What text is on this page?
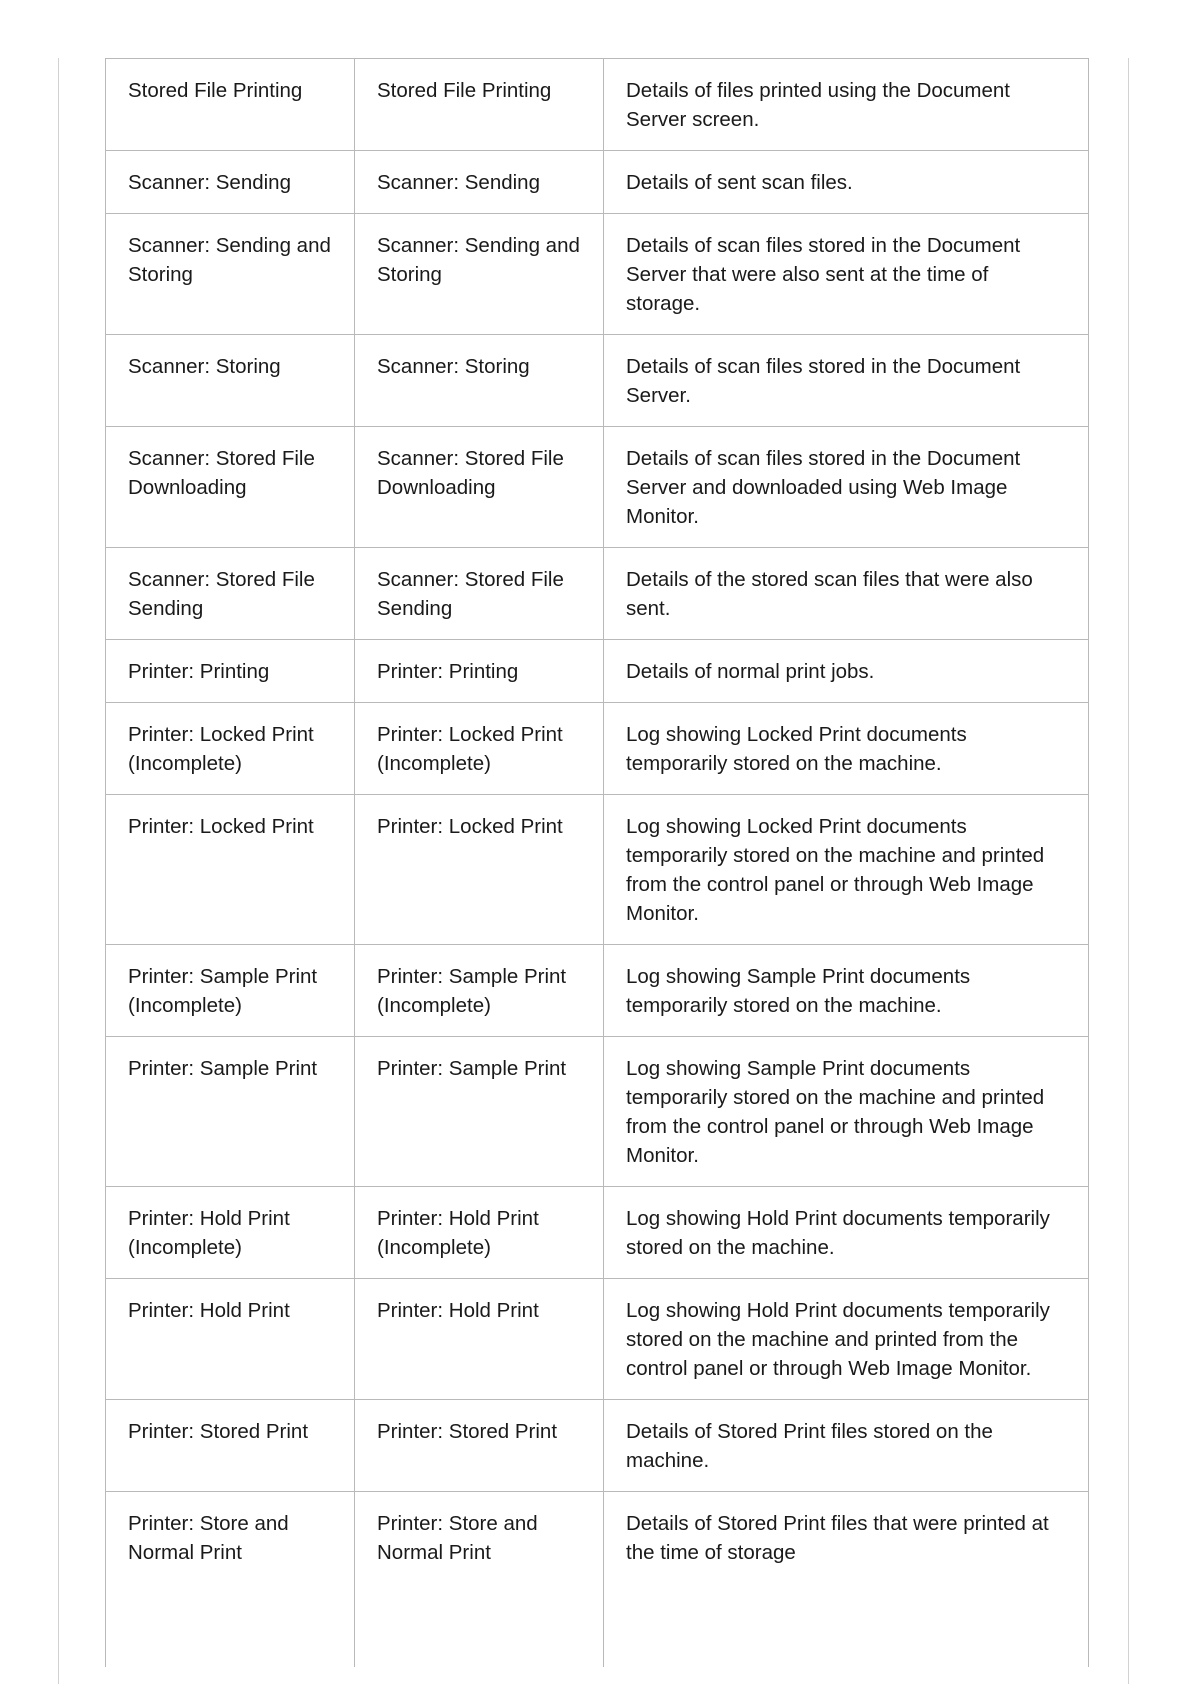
Stored File Printing	Stored File Printing	Details of files printed using the Document Server screen.
Scanner: Sending	Scanner: Sending	Details of sent scan files.
Scanner: Sending and Storing	Scanner: Sending and Storing	Details of scan files stored in the Document Server that were also sent at the time of storage.
Scanner: Storing	Scanner: Storing	Details of scan files stored in the Document Server.
Scanner: Stored File Downloading	Scanner: Stored File Downloading	Details of scan files stored in the Document Server and downloaded using Web Image Monitor.
Scanner: Stored File Sending	Scanner: Stored File Sending	Details of the stored scan files that were also sent.
Printer: Printing	Printer: Printing	Details of normal print jobs.
Printer: Locked Print (Incomplete)	Printer: Locked Print (Incomplete)	Log showing Locked Print documents temporarily stored on the machine.
Printer: Locked Print	Printer: Locked Print	Log showing Locked Print documents temporarily stored on the machine and printed from the control panel or through Web Image Monitor.
Printer: Sample Print (Incomplete)	Printer: Sample Print (Incomplete)	Log showing Sample Print documents temporarily stored on the machine.
Printer: Sample Print	Printer: Sample Print	Log showing Sample Print documents temporarily stored on the machine and printed from the control panel or through Web Image Monitor.
Printer: Hold Print (Incomplete)	Printer: Hold Print (Incomplete)	Log showing Hold Print documents temporarily stored on the machine.
Printer: Hold Print	Printer: Hold Print	Log showing Hold Print documents temporarily stored on the machine and printed from the control panel or through Web Image Monitor.
Printer: Stored Print	Printer: Stored Print	Details of Stored Print files stored on the machine.
Printer: Store and Normal Print	Printer: Store and Normal Print	Details of Stored Print files that were printed at the time of storage
